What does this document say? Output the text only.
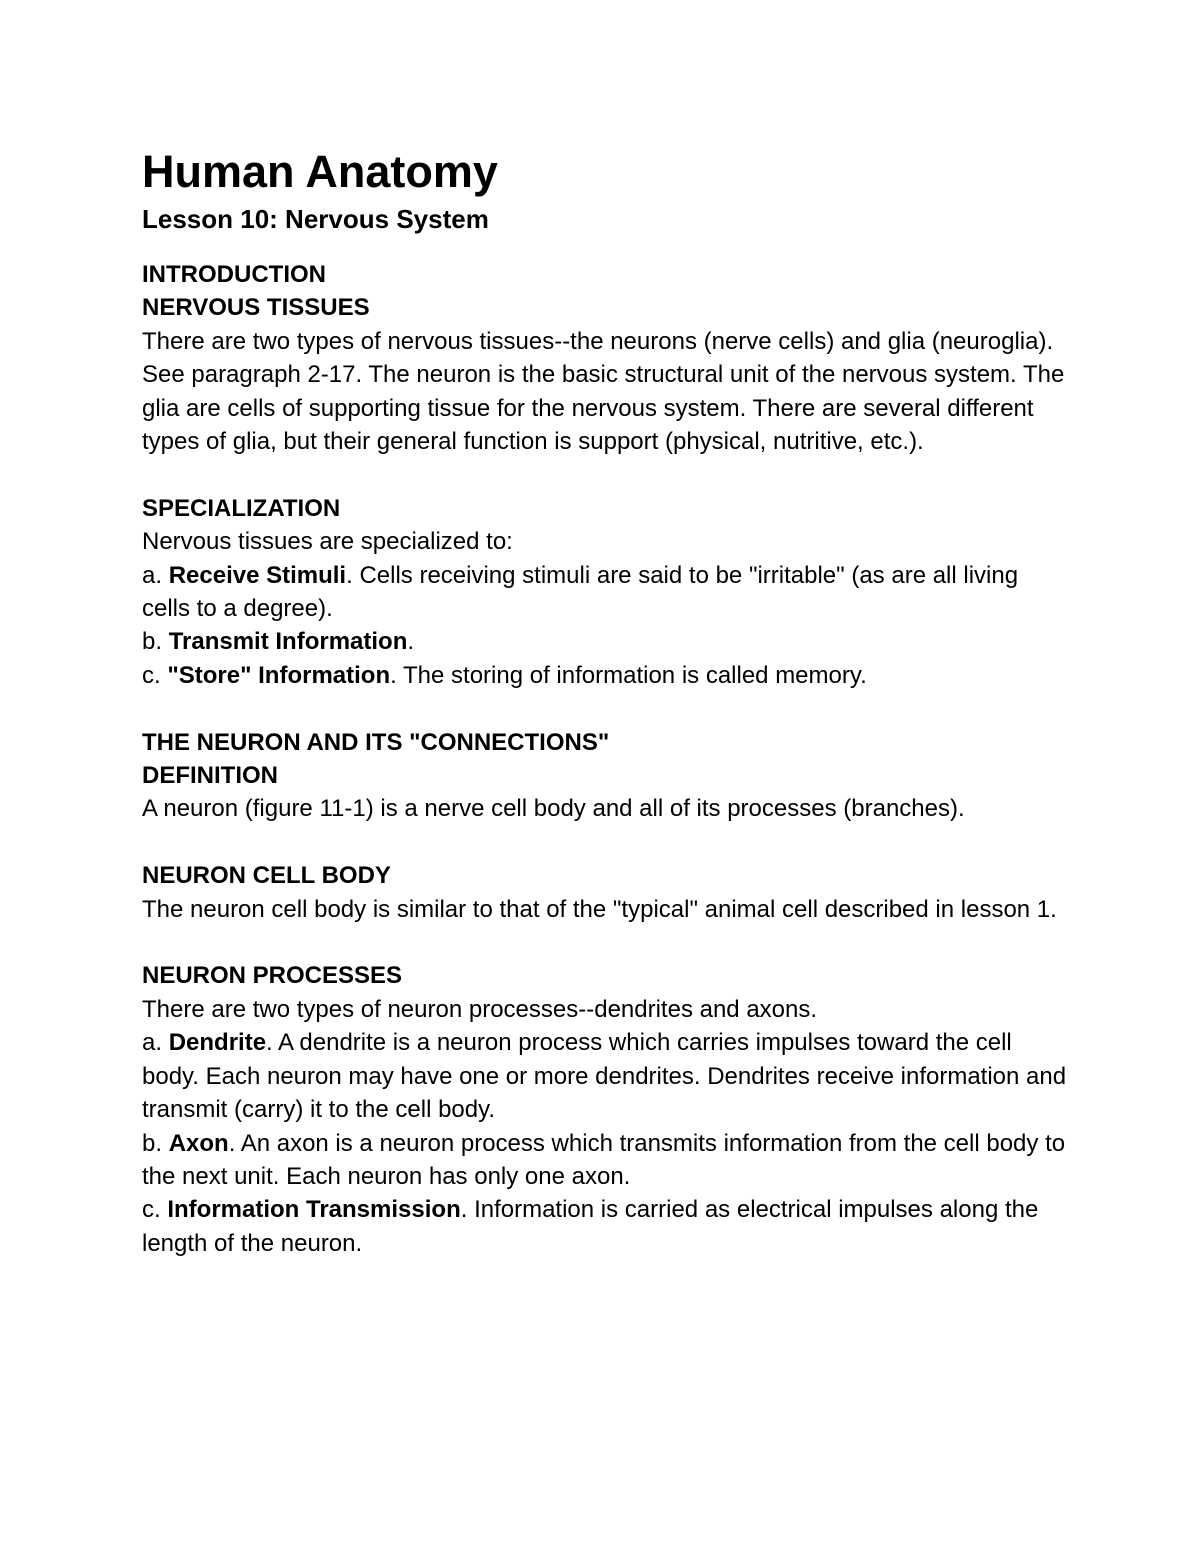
Human Anatomy
Lesson 10: Nervous System
INTRODUCTION
NERVOUS TISSUES

There are two types of nervous tissues--the neurons (nerve cells) and glia (neuroglia). See paragraph 2-17. The neuron is the basic structural unit of the nervous system. The glia are cells of supporting tissue for the nervous system. There are several different types of glia, but their general function is support (physical, nutritive, etc.).

SPECIALIZATION

Nervous tissues are specialized to:

a. Receive Stimuli. Cells receiving stimuli are said to be "irritable" (as are all living cells to a degree).

b. Transmit Information.

c. "Store" Information. The storing of information is called memory.

THE NEURON AND ITS "CONNECTIONS"
DEFINITION

A neuron (figure 11-1) is a nerve cell body and all of its processes (branches).

NEURON CELL BODY

The neuron cell body is similar to that of the "typical" animal cell described in lesson 1.

NEURON PROCESSES

There are two types of neuron processes--dendrites and axons.

a. Dendrite. A dendrite is a neuron process which carries impulses toward the cell body. Each neuron may have one or more dendrites. Dendrites receive information and transmit (carry) it to the cell body.

b. Axon. An axon is a neuron process which transmits information from the cell body to the next unit. Each neuron has only one axon.

c. Information Transmission. Information is carried as electrical impulses along the length of the neuron.
